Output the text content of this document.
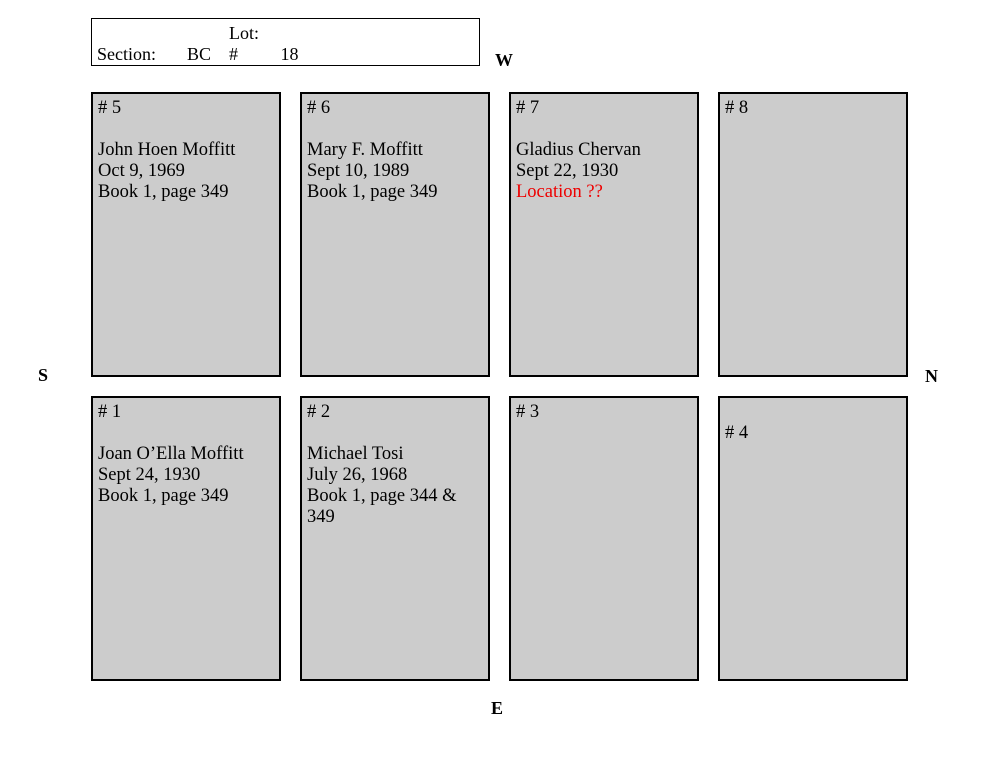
Section: BCLot: # 18	W
E
S	N
# 5
John Hoen Moffitt
Oct 9, 1969
Book 1, page 349
# 6
Mary F. Moffitt
Sept 10, 1989
Book 1, page 349
# 7
Gladius Chervan
Sept 22, 1930
Location ??
# 8
# 1
Joan O’Ella Moffitt
Sept 24, 1930
Book 1, page 349
# 2
Michael Tosi
July 26, 1968
Book 1, page 344 &
349
# 3
# 4
